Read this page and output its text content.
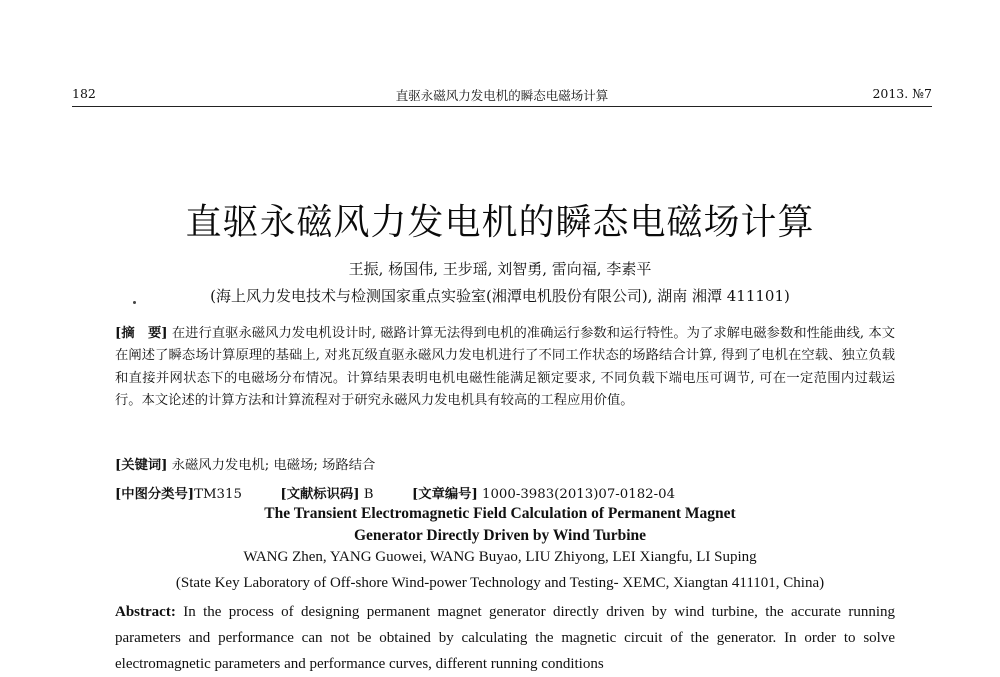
182	直驱永磁风力发电机的瞬态电磁场计算	2013. №7
直驱永磁风力发电机的瞬态电磁场计算
王振, 杨国伟, 王步瑶, 刘智勇, 雷向福, 李素平
(海上风力发电技术与检测国家重点实验室(湘潭电机股份有限公司), 湖南 湘潭 411101)
[摘　要] 在进行直驱永磁风力发电机设计时, 磁路计算无法得到电机的准确运行参数和运行特性。为了求解电磁参数和性能曲线, 本文在阐述了瞬态场计算原理的基础上, 对兆瓦级直驱永磁风力发电机进行了不同工作状态的场路结合计算, 得到了电机在空载、独立负载和直接并网状态下的电磁场分布情况。计算结果表明电机电磁性能满足额定要求, 不同负载下端电压可调节, 可在一定范围内过载运行。本文论述的计算方法和计算流程对于研究永磁风力发电机具有较高的工程应用价值。
[关键词] 永磁风力发电机; 电磁场; 场路结合
[中图分类号]TM315	[文献标识码] B	[文章编号] 1000-3983(2013)07-0182-04
The Transient Electromagnetic Field Calculation of Permanent Magnet
Generator Directly Driven by Wind Turbine
WANG Zhen, YANG Guowei, WANG Buyao, LIU Zhiyong, LEI Xiangfu, LI Suping
(State Key Laboratory of Off-shore Wind-power Technology and Testing- XEMC, Xiangtan 411101, China)
Abstract: In the process of designing permanent magnet generator directly driven by wind turbine, the accurate running parameters and performance can not be obtained by calculating the magnetic circuit of the generator. In order to solve electromagnetic parameters and performance curves, different running conditions
